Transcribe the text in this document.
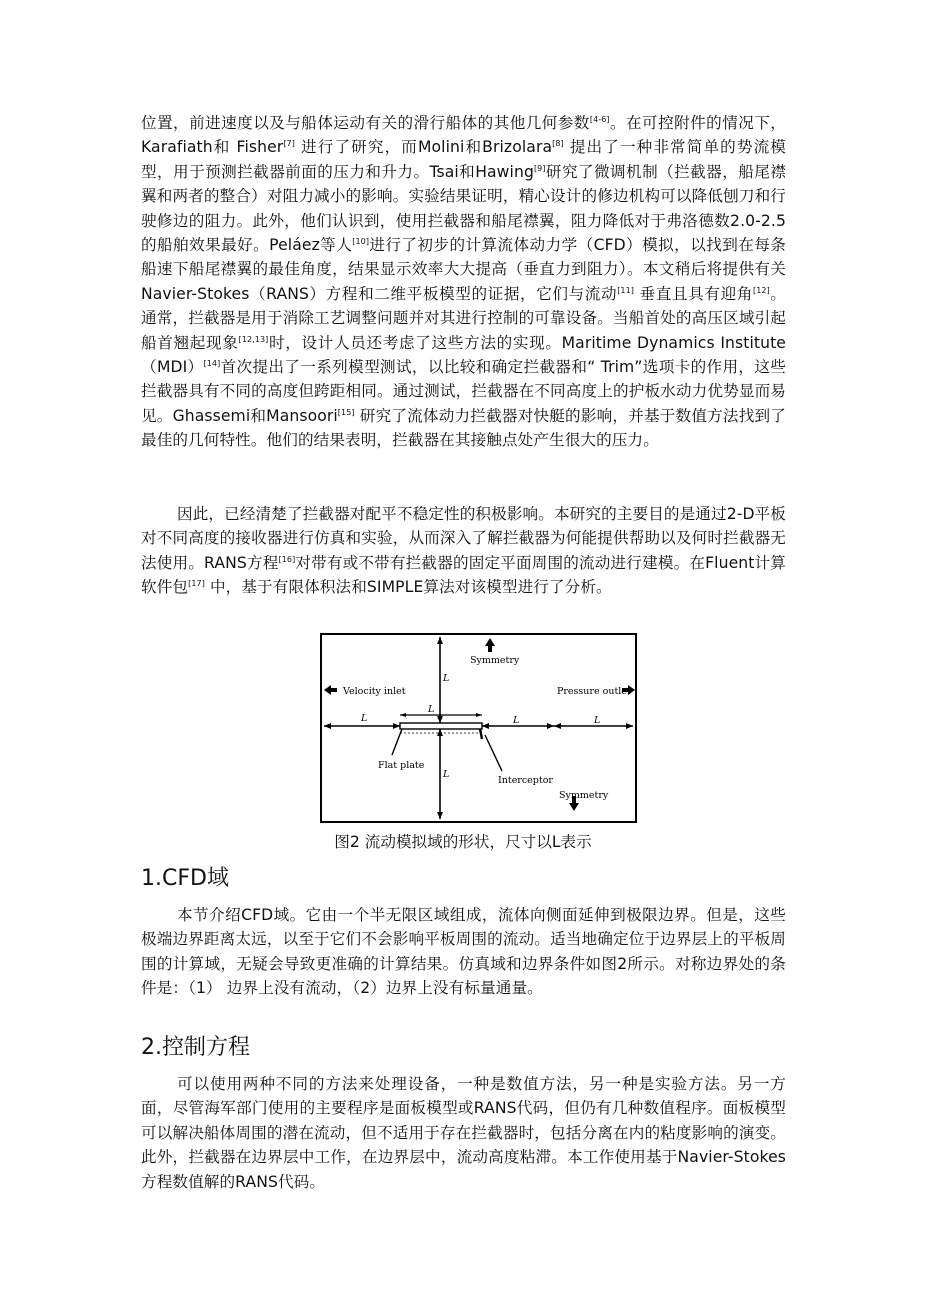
位置，前进速度以及与船体运动有关的滑行船体的其他几何参数[4-6]。在可控附件的情况下，Karafiath和 Fisher[7] 进行了研究，而Molini和Brizolara[8] 提出了一种非常简单的势流模型，用于预测拦截器前面的压力和升力。Tsai和Hawing[9]研究了微调机制（拦截器，船尾襟翼和两者的整合）对阻力减小的影响。实验结果证明，精心设计的修边机构可以降低刨刀和行驶修边的阻力。此外，他们认识到，使用拦截器和船尾襟翼，阻力降低对于弗洛德数2.0-2.5的船舶效果最好。Peláez等人[10]进行了初步的计算流体动力学（CFD）模拟，以找到在每条船速下船尾襟翼的最佳角度，结果显示效率大大提高（垂直力到阻力）。本文稍后将提供有关Navier-Stokes（RANS）方程和二维平板模型的证据，它们与流动[11] 垂直且具有迎角[12]。通常，拦截器是用于消除工艺调整问题并对其进行控制的可靠设备。当船首处的高压区域引起船首翘起现象[12,13]时，设计人员还考虑了这些方法的实现。Maritime Dynamics Institute（MDI）[14]首次提出了一系列模型测试，以比较和确定拦截器和“ Trim”选项卡的作用，这些拦截器具有不同的高度但跨距相同。通过测试，拦截器在不同高度上的护板水动力优势显而易见。Ghassemi和Mansoori[15] 研究了流体动力拦截器对快艇的影响，并基于数值方法找到了最佳的几何特性。他们的结果表明，拦截器在其接触点处产生很大的压力。

因此，已经清楚了拦截器对配平不稳定性的积极影响。本研究的主要目的是通过2-D平板对不同高度的接收器进行仿真和实验，从而深入了解拦截器为何能提供帮助以及何时拦截器无法使用。RANS方程[16]对带有或不带有拦截器的固定平面周围的流动进行建模。在Fluent计算软件包[17] 中，基于有限体积法和SIMPLE算法对该模型进行了分析。

Symmetry
Velocity inlet	Pressure outlet
Flat plate
Interceptor
Symmetry
L
L
L
L	L
L
图2 流动模拟域的形状，尺寸以L表示
1.CFD域

本节介绍CFD域。它由一个半无限区域组成，流体向侧面延伸到极限边界。但是，这些极端边界距离太远，以至于它们不会影响平板周围的流动。适当地确定位于边界层上的平板周围的计算域，无疑会导致更准确的计算结果。仿真域和边界条件如图2所示。对称边界处的条件是：（1） 边界上没有流动，（2）边界上没有标量通量。

2.控制方程

可以使用两种不同的方法来处理设备，一种是数值方法，另一种是实验方法。另一方面，尽管海军部门使用的主要程序是面板模型或RANS代码，但仍有几种数值程序。面板模型可以解决船体周围的潜在流动，但不适用于存在拦截器时，包括分离在内的粘度影响的演变。此外，拦截器在边界层中工作，在边界层中，流动高度粘滞。本工作使用基于Navier-Stokes方程数值解的RANS代码。
